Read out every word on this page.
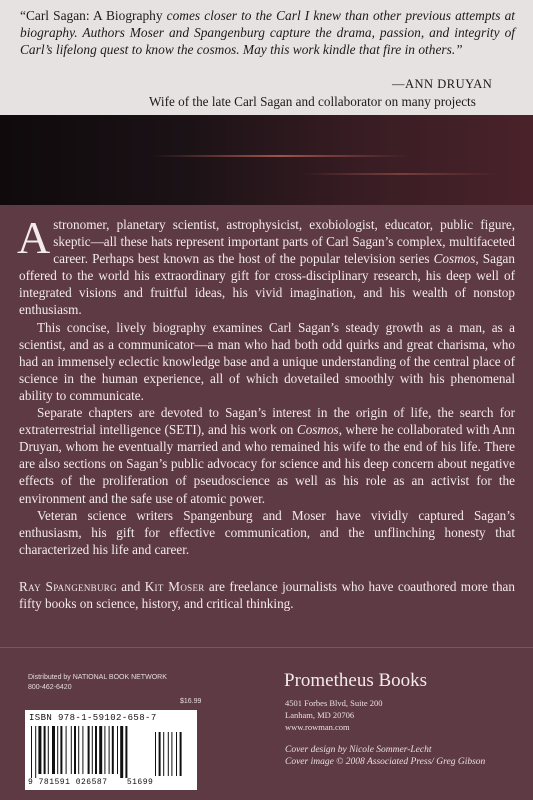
“Carl Sagan: A Biography comes closer to the Carl I knew than other previous attempts at biography. Authors Moser and Spangenburg capture the drama, passion, and integrity of Carl’s lifelong quest to know the cosmos. May this work kindle that fire in others.”
—ANN DRUYAN
Wife of the late Carl Sagan and collaborator on many projects

Astronomer, planetary scientist, astrophysicist, exobiologist, educator, public figure, skeptic—all these hats represent important parts of Carl Sagan’s complex, multifaceted career. Perhaps best known as the host of the popular television series Cosmos, Sagan offered to the world his extraordinary gift for cross-disciplinary research, his deep well of integrated visions and fruitful ideas, his vivid imagination, and his wealth of nonstop enthusiasm.

This concise, lively biography examines Carl Sagan’s steady growth as a man, as a scientist, and as a communicator—a man who had both odd quirks and great charisma, who had an immensely eclectic knowledge base and a unique understanding of the central place of science in the human experience, all of which dovetailed smoothly with his phenomenal ability to communicate.

Separate chapters are devoted to Sagan’s interest in the origin of life, the search for extraterrestrial intelligence (SETI), and his work on Cosmos, where he collaborated with Ann Druyan, whom he eventually married and who remained his wife to the end of his life. There are also sections on Sagan’s public advocacy for science and his deep concern about negative effects of the proliferation of pseudoscience as well as his role as an activist for the environment and the safe use of atomic power.

Veteran science writers Spangenburg and Moser have vividly captured Sagan’s enthusiasm, his gift for effective communication, and the unflinching honesty that characterized his life and career.

Ray Spangenburg and Kit Moser are freelance journalists who have coauthored more than fifty books on science, history, and critical thinking.
Distributed by NATIONAL BOOK NETWORK
800-462-6420
$16.99
ISBN 978-1-59102-658-7
9 781591 026587 51699
Prometheus Books
4501 Forbes Blvd, Suite 200
Lanham, MD 20706
www.rowman.com
Cover design by Nicole Sommer-Lecht
Cover image © 2008 Associated Press/ Greg Gibson
